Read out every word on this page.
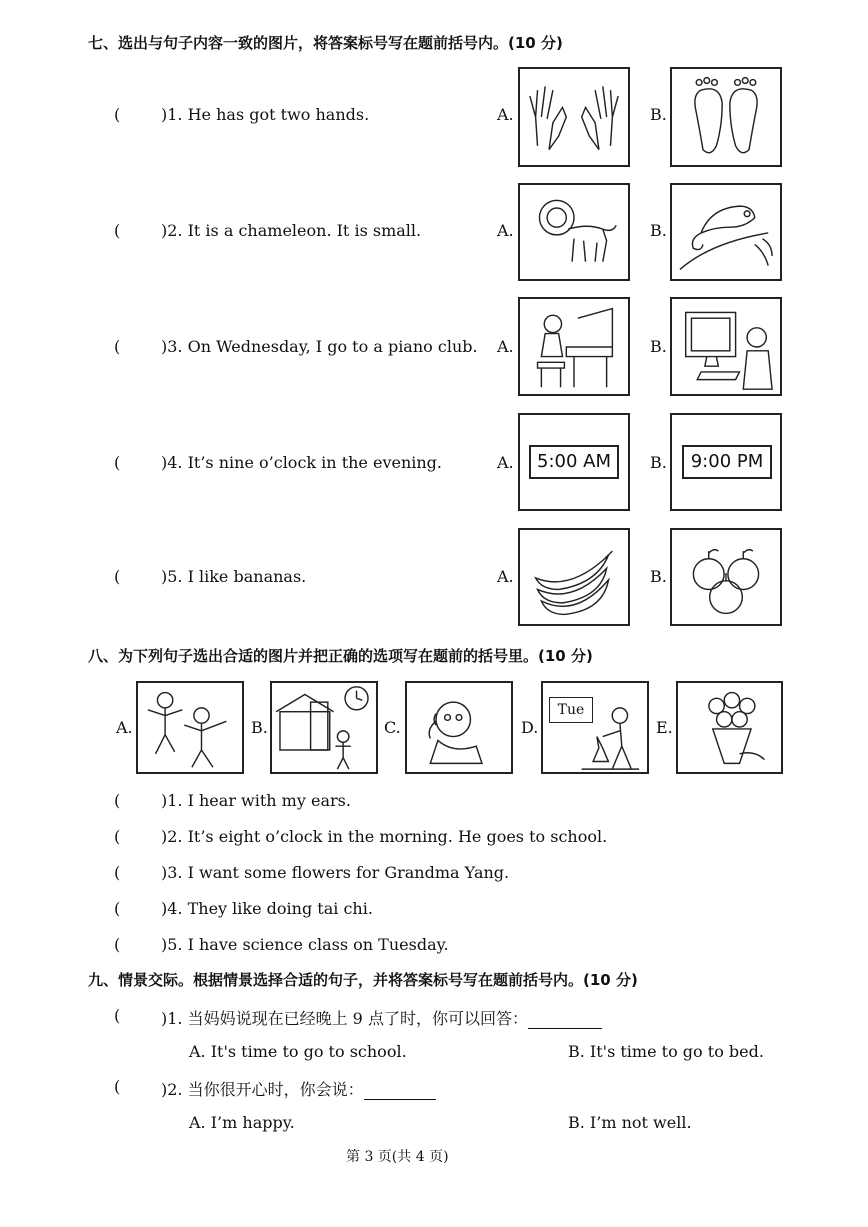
七、选出与句子内容一致的图片，将答案标号写在题前括号内。(10 分)
(	)1. He has got two hands.	A.	B.
(	)2. It is a chameleon. It is small.	A.	B.
(	)3. On Wednesday, I go to a piano club. A.	B.
(	)4. It’s nine o’clock in the evening.	A.	5:00 AM	B.	9:00 PM
(	)5. I like bananas.	A.	B.
八、为下列句子选出合适的图片并把正确的选项写在题前的括号里。(10 分)
A.	B.	C.	D.
Tue
E.
(	)1. I hear with my ears.
(	)2. It’s eight o’clock in the morning. He goes to school.
(	)3. I want some flowers for Grandma Yang.
(	)4. They like doing tai chi.
(	)5. I have science class on Tuesday.
九、情景交际。根据情景选择合适的句子，并将答案标号写在题前括号内。(10 分)
(	)1. 当妈妈说现在已经晚上 9 点了时，你可以回答：
A. It's time to go to school.	B. It's time to go to bed.
(	)2. 当你很开心时，你会说：
A. I’m happy.	B. I’m not well.
第 3 页(共 4 页)
